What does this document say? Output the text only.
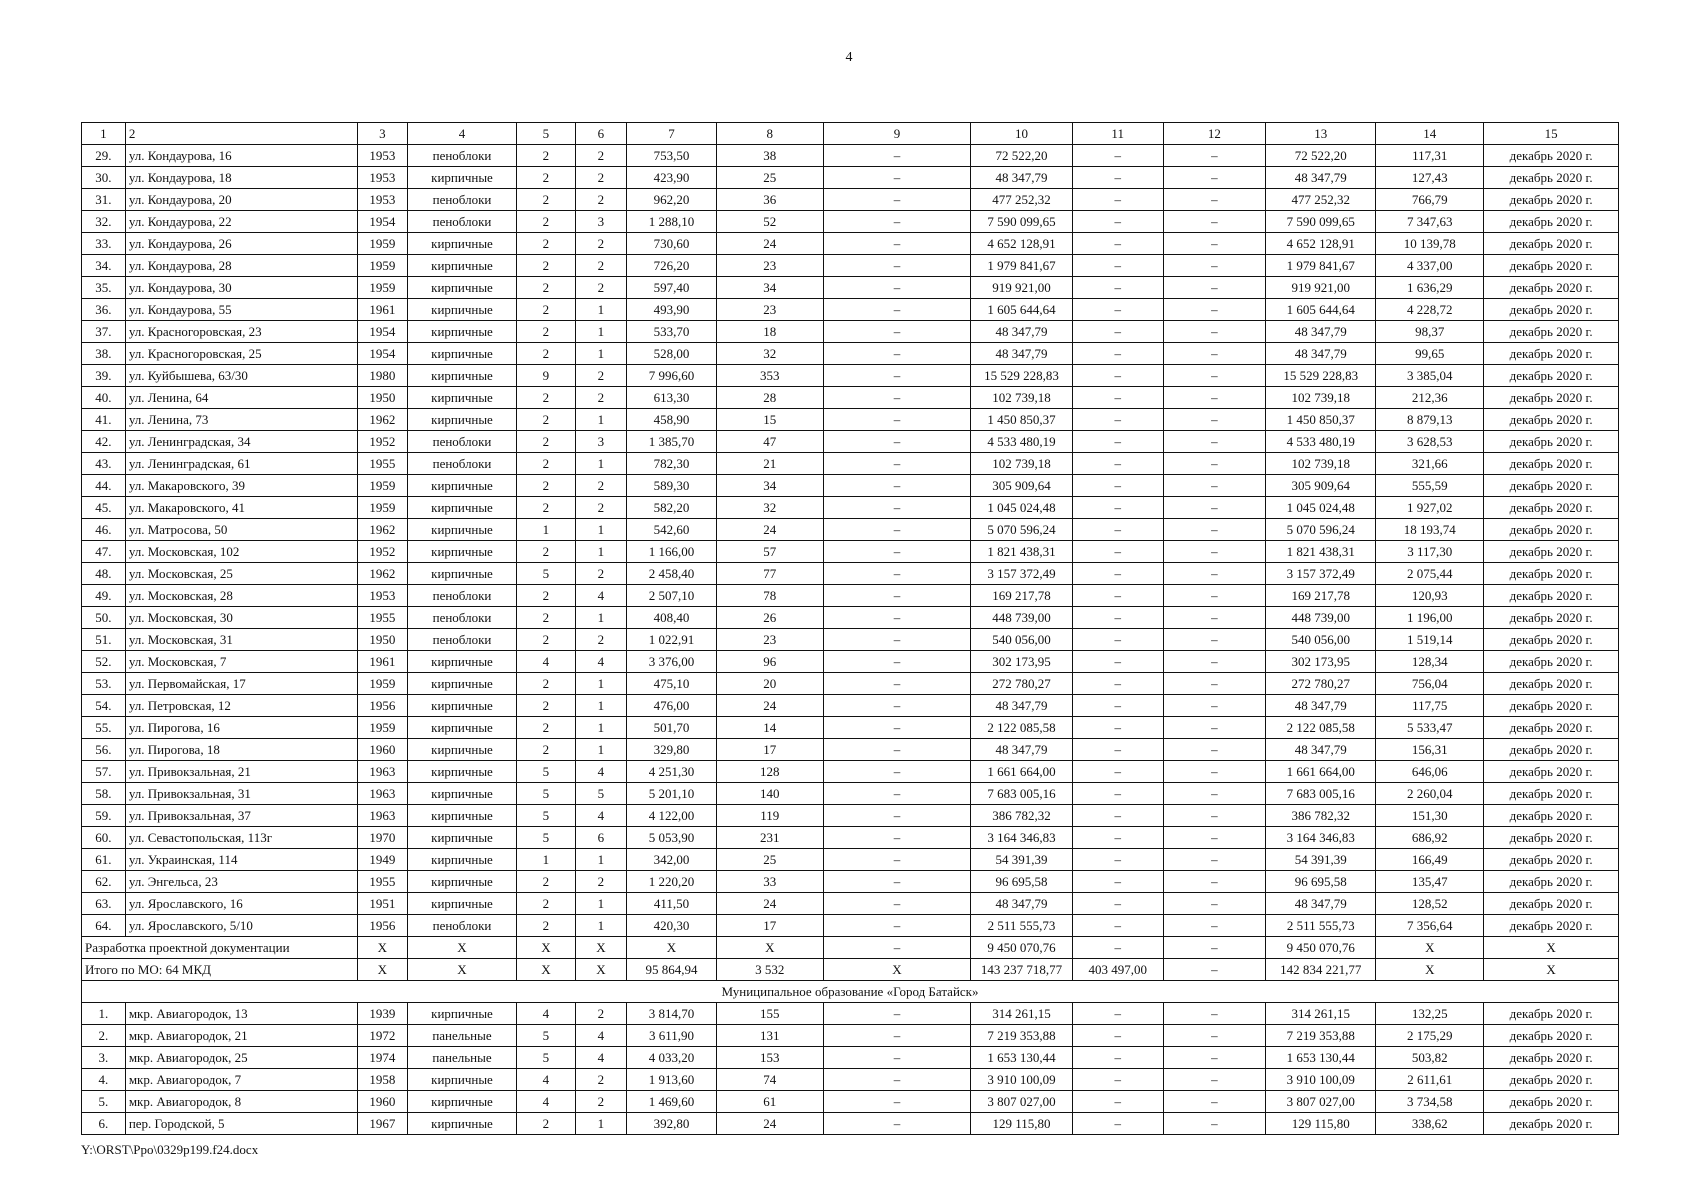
4
1	2	3	4	5	6	7	8	9	10	11	12	13	14	15
29.	ул. Кондаурова, 16	1953	пеноблоки	2	2	753,50	38	–	72 522,20	–	–	72 522,20	117,31	декабрь 2020 г.
30.	ул. Кондаурова, 18	1953	кирпичные	2	2	423,90	25	–	48 347,79	–	–	48 347,79	127,43	декабрь 2020 г.
31.	ул. Кондаурова, 20	1953	пеноблоки	2	2	962,20	36	–	477 252,32	–	–	477 252,32	766,79	декабрь 2020 г.
32.	ул. Кондаурова, 22	1954	пеноблоки	2	3	1 288,10	52	–	7 590 099,65	–	–	7 590 099,65	7 347,63	декабрь 2020 г.
33.	ул. Кондаурова, 26	1959	кирпичные	2	2	730,60	24	–	4 652 128,91	–	–	4 652 128,91	10 139,78	декабрь 2020 г.
34.	ул. Кондаурова, 28	1959	кирпичные	2	2	726,20	23	–	1 979 841,67	–	–	1 979 841,67	4 337,00	декабрь 2020 г.
35.	ул. Кондаурова, 30	1959	кирпичные	2	2	597,40	34	–	919 921,00	–	–	919 921,00	1 636,29	декабрь 2020 г.
36.	ул. Кондаурова, 55	1961	кирпичные	2	1	493,90	23	–	1 605 644,64	–	–	1 605 644,64	4 228,72	декабрь 2020 г.
37.	ул. Красногоровская, 23	1954	кирпичные	2	1	533,70	18	–	48 347,79	–	–	48 347,79	98,37	декабрь 2020 г.
38.	ул. Красногоровская, 25	1954	кирпичные	2	1	528,00	32	–	48 347,79	–	–	48 347,79	99,65	декабрь 2020 г.
39.	ул. Куйбышева, 63/30	1980	кирпичные	9	2	7 996,60	353	–	15 529 228,83	–	–	15 529 228,83	3 385,04	декабрь 2020 г.
40.	ул. Ленина, 64	1950	кирпичные	2	2	613,30	28	–	102 739,18	–	–	102 739,18	212,36	декабрь 2020 г.
41.	ул. Ленина, 73	1962	кирпичные	2	1	458,90	15	–	1 450 850,37	–	–	1 450 850,37	8 879,13	декабрь 2020 г.
42.	ул. Ленинградская, 34	1952	пеноблоки	2	3	1 385,70	47	–	4 533 480,19	–	–	4 533 480,19	3 628,53	декабрь 2020 г.
43.	ул. Ленинградская, 61	1955	пеноблоки	2	1	782,30	21	–	102 739,18	–	–	102 739,18	321,66	декабрь 2020 г.
44.	ул. Макаровского, 39	1959	кирпичные	2	2	589,30	34	–	305 909,64	–	–	305 909,64	555,59	декабрь 2020 г.
45.	ул. Макаровского, 41	1959	кирпичные	2	2	582,20	32	–	1 045 024,48	–	–	1 045 024,48	1 927,02	декабрь 2020 г.
46.	ул. Матросова, 50	1962	кирпичные	1	1	542,60	24	–	5 070 596,24	–	–	5 070 596,24	18 193,74	декабрь 2020 г.
47.	ул. Московская, 102	1952	кирпичные	2	1	1 166,00	57	–	1 821 438,31	–	–	1 821 438,31	3 117,30	декабрь 2020 г.
48.	ул. Московская, 25	1962	кирпичные	5	2	2 458,40	77	–	3 157 372,49	–	–	3 157 372,49	2 075,44	декабрь 2020 г.
49.	ул. Московская, 28	1953	пеноблоки	2	4	2 507,10	78	–	169 217,78	–	–	169 217,78	120,93	декабрь 2020 г.
50.	ул. Московская, 30	1955	пеноблоки	2	1	408,40	26	–	448 739,00	–	–	448 739,00	1 196,00	декабрь 2020 г.
51.	ул. Московская, 31	1950	пеноблоки	2	2	1 022,91	23	–	540 056,00	–	–	540 056,00	1 519,14	декабрь 2020 г.
52.	ул. Московская, 7	1961	кирпичные	4	4	3 376,00	96	–	302 173,95	–	–	302 173,95	128,34	декабрь 2020 г.
53.	ул. Первомайская, 17	1959	кирпичные	2	1	475,10	20	–	272 780,27	–	–	272 780,27	756,04	декабрь 2020 г.
54.	ул. Петровская, 12	1956	кирпичные	2	1	476,00	24	–	48 347,79	–	–	48 347,79	117,75	декабрь 2020 г.
55.	ул. Пирогова, 16	1959	кирпичные	2	1	501,70	14	–	2 122 085,58	–	–	2 122 085,58	5 533,47	декабрь 2020 г.
56.	ул. Пирогова, 18	1960	кирпичные	2	1	329,80	17	–	48 347,79	–	–	48 347,79	156,31	декабрь 2020 г.
57.	ул. Привокзальная, 21	1963	кирпичные	5	4	4 251,30	128	–	1 661 664,00	–	–	1 661 664,00	646,06	декабрь 2020 г.
58.	ул. Привокзальная, 31	1963	кирпичные	5	5	5 201,10	140	–	7 683 005,16	–	–	7 683 005,16	2 260,04	декабрь 2020 г.
59.	ул. Привокзальная, 37	1963	кирпичные	5	4	4 122,00	119	–	386 782,32	–	–	386 782,32	151,30	декабрь 2020 г.
60.	ул. Севастопольская, 113г	1970	кирпичные	5	6	5 053,90	231	–	3 164 346,83	–	–	3 164 346,83	686,92	декабрь 2020 г.
61.	ул. Украинская, 114	1949	кирпичные	1	1	342,00	25	–	54 391,39	–	–	54 391,39	166,49	декабрь 2020 г.
62.	ул. Энгельса, 23	1955	кирпичные	2	2	1 220,20	33	–	96 695,58	–	–	96 695,58	135,47	декабрь 2020 г.
63.	ул. Ярославского, 16	1951	кирпичные	2	1	411,50	24	–	48 347,79	–	–	48 347,79	128,52	декабрь 2020 г.
64.	ул. Ярославского, 5/10	1956	пеноблоки	2	1	420,30	17	–	2 511 555,73	–	–	2 511 555,73	7 356,64	декабрь 2020 г.
Разработка проектной документации		X	X	X	X	X	X	–	9 450 070,76	–	–	9 450 070,76	X	X
Итого по МО: 64 МКД		X	X	X	X	95 864,94	3 532	X	143 237 718,77	403 497,00	–	142 834 221,77	X	X
Муниципальное образование «Город Батайск»														
1.	мкр. Авиагородок, 13	1939	кирпичные	4	2	3 814,70	155	–	314 261,15	–	–	314 261,15	132,25	декабрь 2020 г.
2.	мкр. Авиагородок, 21	1972	панельные	5	4	3 611,90	131	–	7 219 353,88	–	–	7 219 353,88	2 175,29	декабрь 2020 г.
3.	мкр. Авиагородок, 25	1974	панельные	5	4	4 033,20	153	–	1 653 130,44	–	–	1 653 130,44	503,82	декабрь 2020 г.
4.	мкр. Авиагородок, 7	1958	кирпичные	4	2	1 913,60	74	–	3 910 100,09	–	–	3 910 100,09	2 611,61	декабрь 2020 г.
5.	мкр. Авиагородок, 8	1960	кирпичные	4	2	1 469,60	61	–	3 807 027,00	–	–	3 807 027,00	3 734,58	декабрь 2020 г.
6.	пер. Городской, 5	1967	кирпичные	2	1	392,80	24	–	129 115,80	–	–	129 115,80	338,62	декабрь 2020 г.
Y:\ORST\Ppo\0329p199.f24.docx
